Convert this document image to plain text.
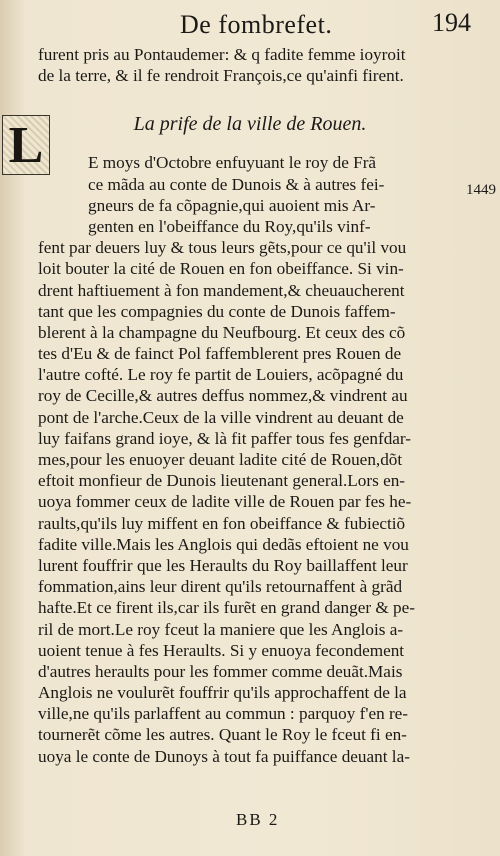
De fombrefet.	194
L
1449
furent pris au Pontaudemer: & q fadite femme ioyroit
de la terre, & il fe rendroit François,ce qu'ainfi firent.
La prife de la ville de Rouen.
E moys d'Octobre enfuyuant le roy de Frã
ce mãda au conte de Dunois & à autres fei-
gneurs de fa cõpagnie,qui auoient mis Ar-
genten en l'obeiffance du Roy,qu'ils vinf-
fent par deuers luy & tous leurs gẽts,pour ce qu'il vou
loit bouter la cité de Rouen en fon obeiffance. Si vin-
drent haftiuement à fon mandement,& cheuaucherent
tant que les compagnies du conte de Dunois faffem-
blerent à la champagne du Neufbourg. Et ceux des cõ
tes d'Eu & de fainct Pol faffemblerent pres Rouen de
l'autre cofté. Le roy fe partit de Louiers, acõpagné du
roy de Cecille,& autres deffus nommez,& vindrent au
pont de l'arche.Ceux de la ville vindrent au deuant de
luy faifans grand ioye, & là fit paffer tous fes genfdar-
mes,pour les enuoyer deuant ladite cité de Rouen,dõt
eftoit monfieur de Dunois lieutenant general.Lors en-
uoya fommer ceux de ladite ville de Rouen par fes he-
raults,qu'ils luy miffent en fon obeiffance & fubiectiõ
fadite ville.Mais les Anglois qui dedãs eftoient ne vou
lurent fouffrir que les Heraults du Roy baillaffent leur
fommation,ains leur dirent qu'ils retournaffent à grãd
hafte.Et ce firent ils,car ils furẽt en grand danger & pe-
ril de mort.Le roy fceut la maniere que les Anglois a-
uoient tenue à fes Heraults. Si y enuoya fecondement
d'autres heraults pour les fommer comme deuãt.Mais
Anglois ne voulurẽt fouffrir qu'ils approchaffent de la
ville,ne qu'ils parlaffent au commun : parquoy f'en re-
tournerẽt cõme les autres. Quant le Roy le fceut fi en-
uoya le conte de Dunoys à tout fa puiffance deuant la-
BB 2
